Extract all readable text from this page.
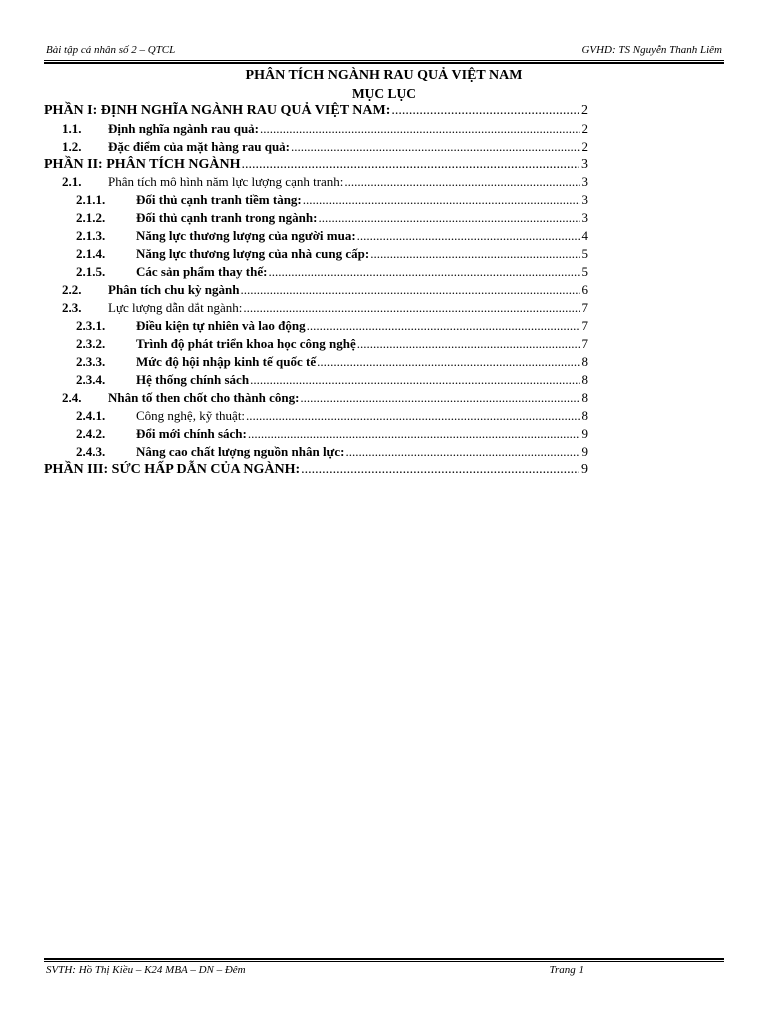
Bài tập cá nhân số 2 – QTCL	GVHD: TS Nguyễn Thanh Liêm
PHÂN TÍCH NGÀNH RAU QUẢ VIỆT NAM
MỤC LỤC
PHẦN I: ĐỊNH NGHĨA NGÀNH RAU QUẢ VIỆT NAM: .....	2
1.1.	Định nghĩa ngành rau quả: .....	2
1.2.	Đặc điểm của mặt hàng rau quả: .....	2
PHẦN II: PHÂN TÍCH NGÀNH .....	3
2.1.	Phân tích mô hình năm lực lượng cạnh tranh: .....	3
2.1.1.	Đối thủ cạnh tranh tiềm tàng: .....	3
2.1.2.	Đối thủ cạnh tranh trong ngành: .....	3
2.1.3.	Năng lực thương lượng của người mua: .....	4
2.1.4.	Năng lực thương lượng của nhà cung cấp: .....	5
2.1.5.	Các sản phẩm thay thế: .....	5
2.2.	Phân tích chu kỳ ngành .....	6
2.3.	Lực lượng dẫn dắt ngành: .....	7
2.3.1.	Điều kiện tự nhiên và lao động .....	7
2.3.2.	Trình độ phát triển khoa học công nghệ .....	7
2.3.3.	Mức độ hội nhập kinh tế quốc tế .....	8
2.3.4.	Hệ thống chính sách .....	8
2.4.	Nhân tố then chốt cho thành công: .....	8
2.4.1.	Công nghệ, kỹ thuật: .....	8
2.4.2.	Đổi mới chính sách: .....	9
2.4.3.	Nâng cao chất lượng nguồn nhân lực: .....	9
PHẦN III: SỨC HẤP DẪN CỦA NGÀNH: .....	9
SVTH: Hồ Thị Kiều – K24 MBA – DN – Đêm	Trang 1
